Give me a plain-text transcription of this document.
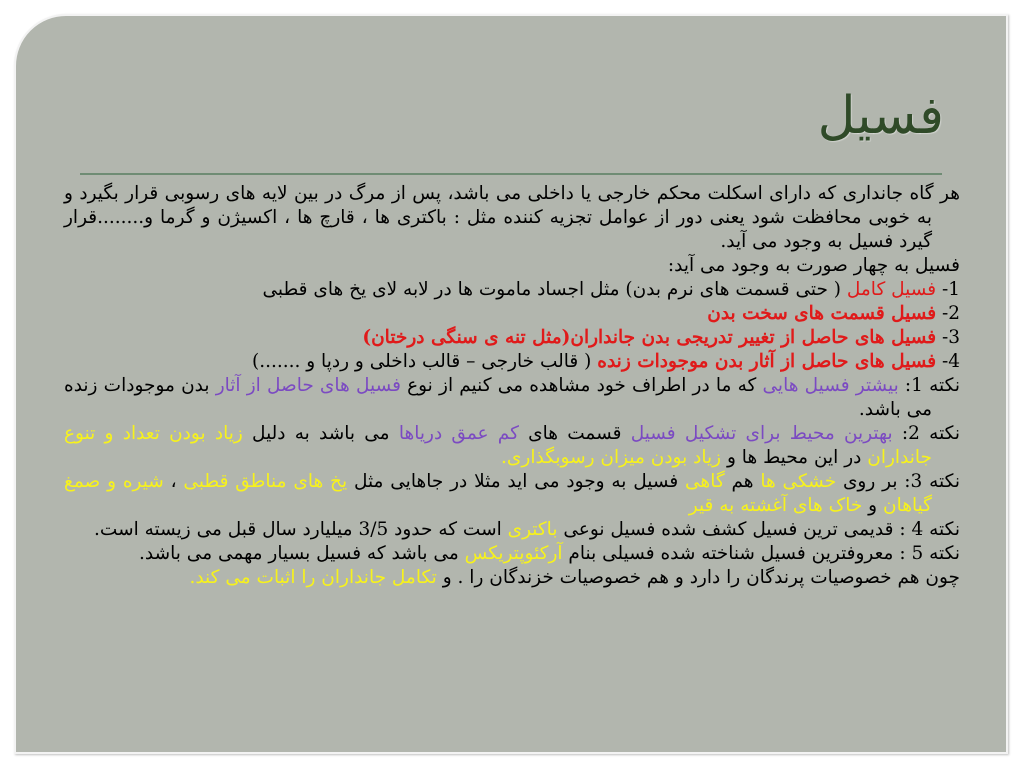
فسیل

هر گاه جانداری که دارای اسکلت محکم خارجی یا داخلی می باشد، پس از مرگ در بین لایه های رسوبی قرار بگیرد و به خوبی محافظت شود یعنی دور از عوامل تجزیه کننده مثل : باکتری ها ، قارچ ها ، اکسیژن و گرما و........قرار گیرد فسیل به وجود می آید.

فسیل به چهار صورت به وجود می آید:

1- فسیل کامل ( حتی قسمت های نرم بدن) مثل اجساد ماموت ها در لابه لای یخ های قطبی

2- فسیل قسمت های سخت بدن

3- فسیل های حاصل از تغییر تدریجی بدن جانداران(مثل تنه ی سنگی درختان)

4- فسیل های حاصل از آثار بدن موجودات زنده ( قالب خارجی – قالب داخلی و ردپا و .......)

نکته 1: بیشتر فسیل هایی که ما در اطراف خود مشاهده می کنیم از نوع فسیل های حاصل از آثار بدن موجودات زنده می باشد.

نکته 2: بهترین محیط برای تشکیل فسیل قسمت های کم عمق دریاها می باشد به دلیل زیاد بودن تعداد و تنوع جانداران در این محیط ها و زیاد بودن میزان رسوبگذاری.

نکته 3: بر روی خشکی ها هم گاهی فسیل به وجود می اید مثلا در جاهایی مثل یخ های مناطق قطبی ، شیره و صمغ گیاهان و خاک های آغشته به قیر

نکته 4 : قدیمی ترین فسیل کشف شده فسیل نوعی باکتری است که حدود 3/5 میلیارد سال قبل می زیسته است.

نکته 5 : معروفترین فسیل شناخته شده فسیلی بنام آرکئوپتریکس می باشد که فسیل بسیار مهمی می باشد.

چون هم خصوصیات پرندگان را دارد و هم خصوصیات خزندگان را . و تکامل جانداران را اثبات می کند.
